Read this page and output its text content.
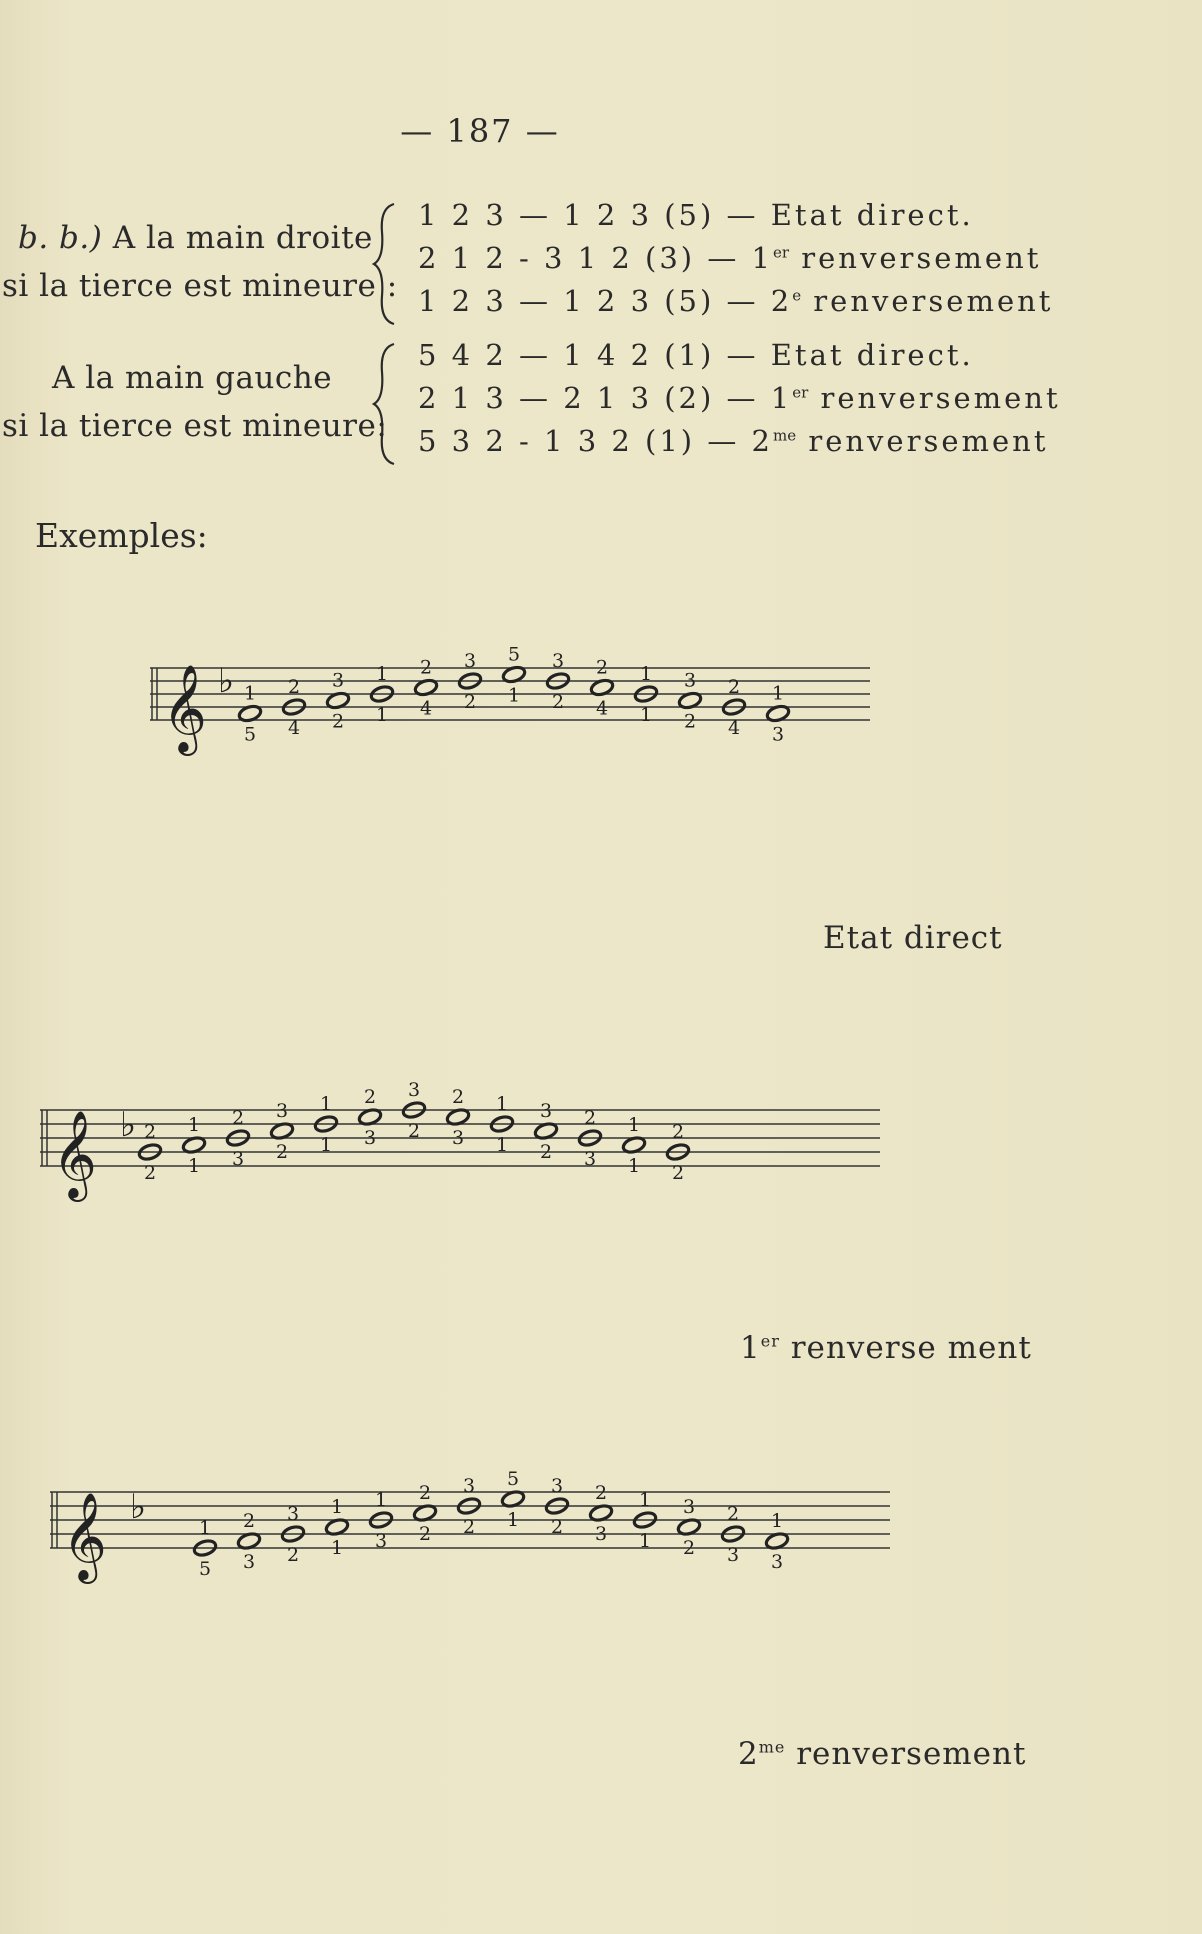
— 187 —
b. b.) A la main droite
si la tierce est mineure :
1 2 3 — 1 2 3 (5) — Etat direct.
2 1 2 - 3 1 2 (3) — 1er renversement
1 2 3 — 1 2 3 (5) — 2e renversement
A la main gauche
si la tierce est mineure:
5 4 2 — 1 4 2 (1) — Etat direct.
2 1 3 — 2 1 3 (2) — 1er renversement
5 3 2 - 1 3 2 (1) — $2^{me}$ renversement
Exemples:
𝄞 ♭ 1
5
2
4
3
2
1
1
2
4
3
2
5
1
3
2
2
4
1
1
3
2
2
4
1
3
Etat direct
𝄞 ♭ 2
2
1
1
2
3
3
2
1
1
2
3
3
2
2
3
1
1
3
2
2
3
1
1
2
2
1er renverse ment
𝄞 ♭
1
5
2
3
3
2
1
1
1
3
2
2
3
2
5
1
3
2
2
3
1
1
3
2
2
3
1
3
$2^{me}$ renversement
